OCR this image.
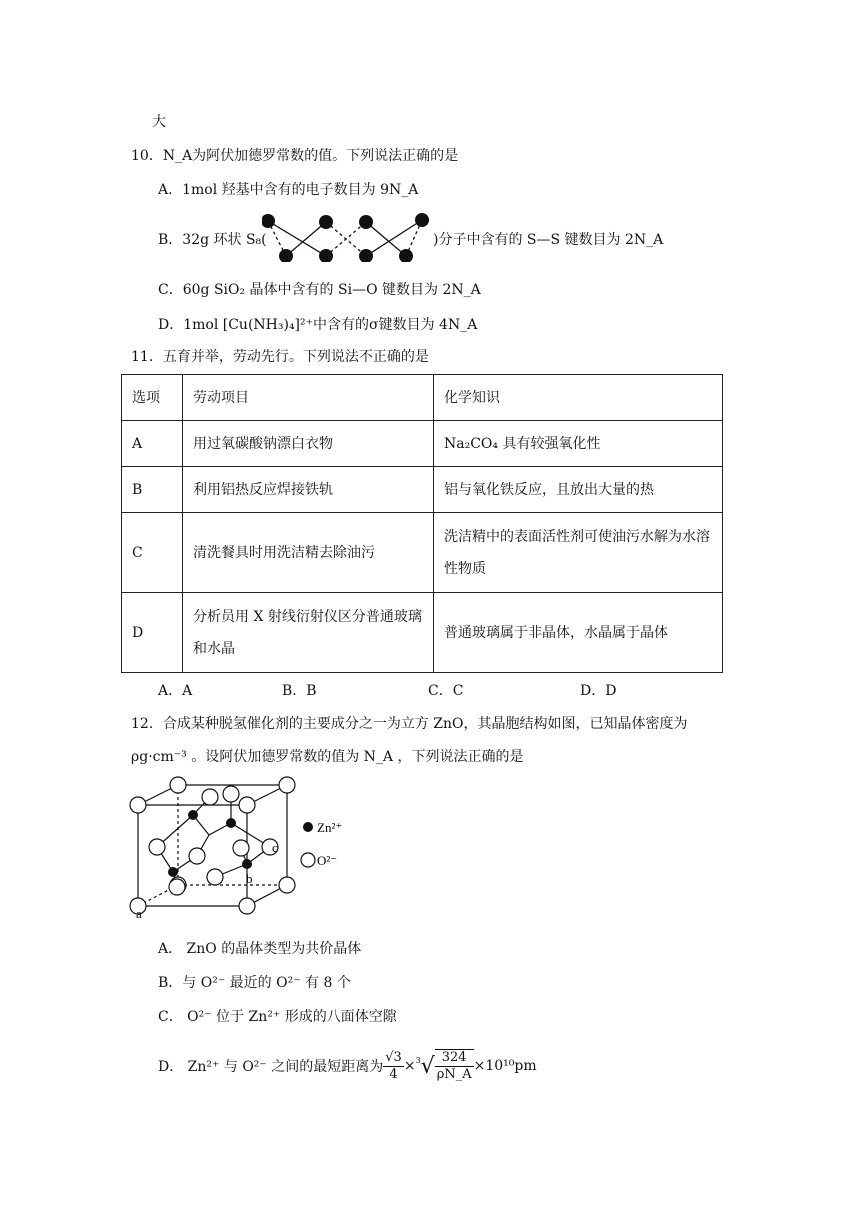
大
10．N_A为阿伏加德罗常数的值。下列说法正确的是
A．1mol 羟基中含有的电子数目为 9N_A
B．32g 环状 S₈(	)分子中含有的 S—S 键数目为 2N_A
C．60g SiO₂ 晶体中含有的 Si—O 键数目为 2N_A
D．1mol [Cu(NH₃)₄]²⁺中含有的σ键数目为 4N_A
11．五育并举，劳动先行。下列说法不正确的是
选项	劳动项目	化学知识
A	用过氧碳酸钠漂白衣物	Na₂CO₄ 具有较强氧化性
B	利用铝热反应焊接铁轨	铝与氧化铁反应，且放出大量的热
C	清洗餐具时用洗洁精去除油污	洗洁精中的表面活性剂可使油污水解为水溶性物质
D	分析员用 X 射线衍射仪区分普通玻璃和水晶	普通玻璃属于非晶体，水晶属于晶体
A．A	B．B	C．C	D．D
12．合成某种脱氢催化剂的主要成分之一为立方 ZnO，其晶胞结构如图，已知晶体密度为
ρg·cm⁻³ 。设阿伏加德罗常数的值为 N_A ，下列说法正确的是
a
b
c
Zn²⁺
O²⁻
A． ZnO 的晶体类型为共价晶体
B．与 O²⁻ 最近的 O²⁻ 有 8 个
C． O²⁻ 位于 Zn²⁺ 形成的八面体空隙
D． Zn²⁺ 与 O²⁻ 之间的最短距离为 $\frac{√3}{4} \times 3$ √ $\frac{324}{\rho N\_A} \times 10^{10}pm$
